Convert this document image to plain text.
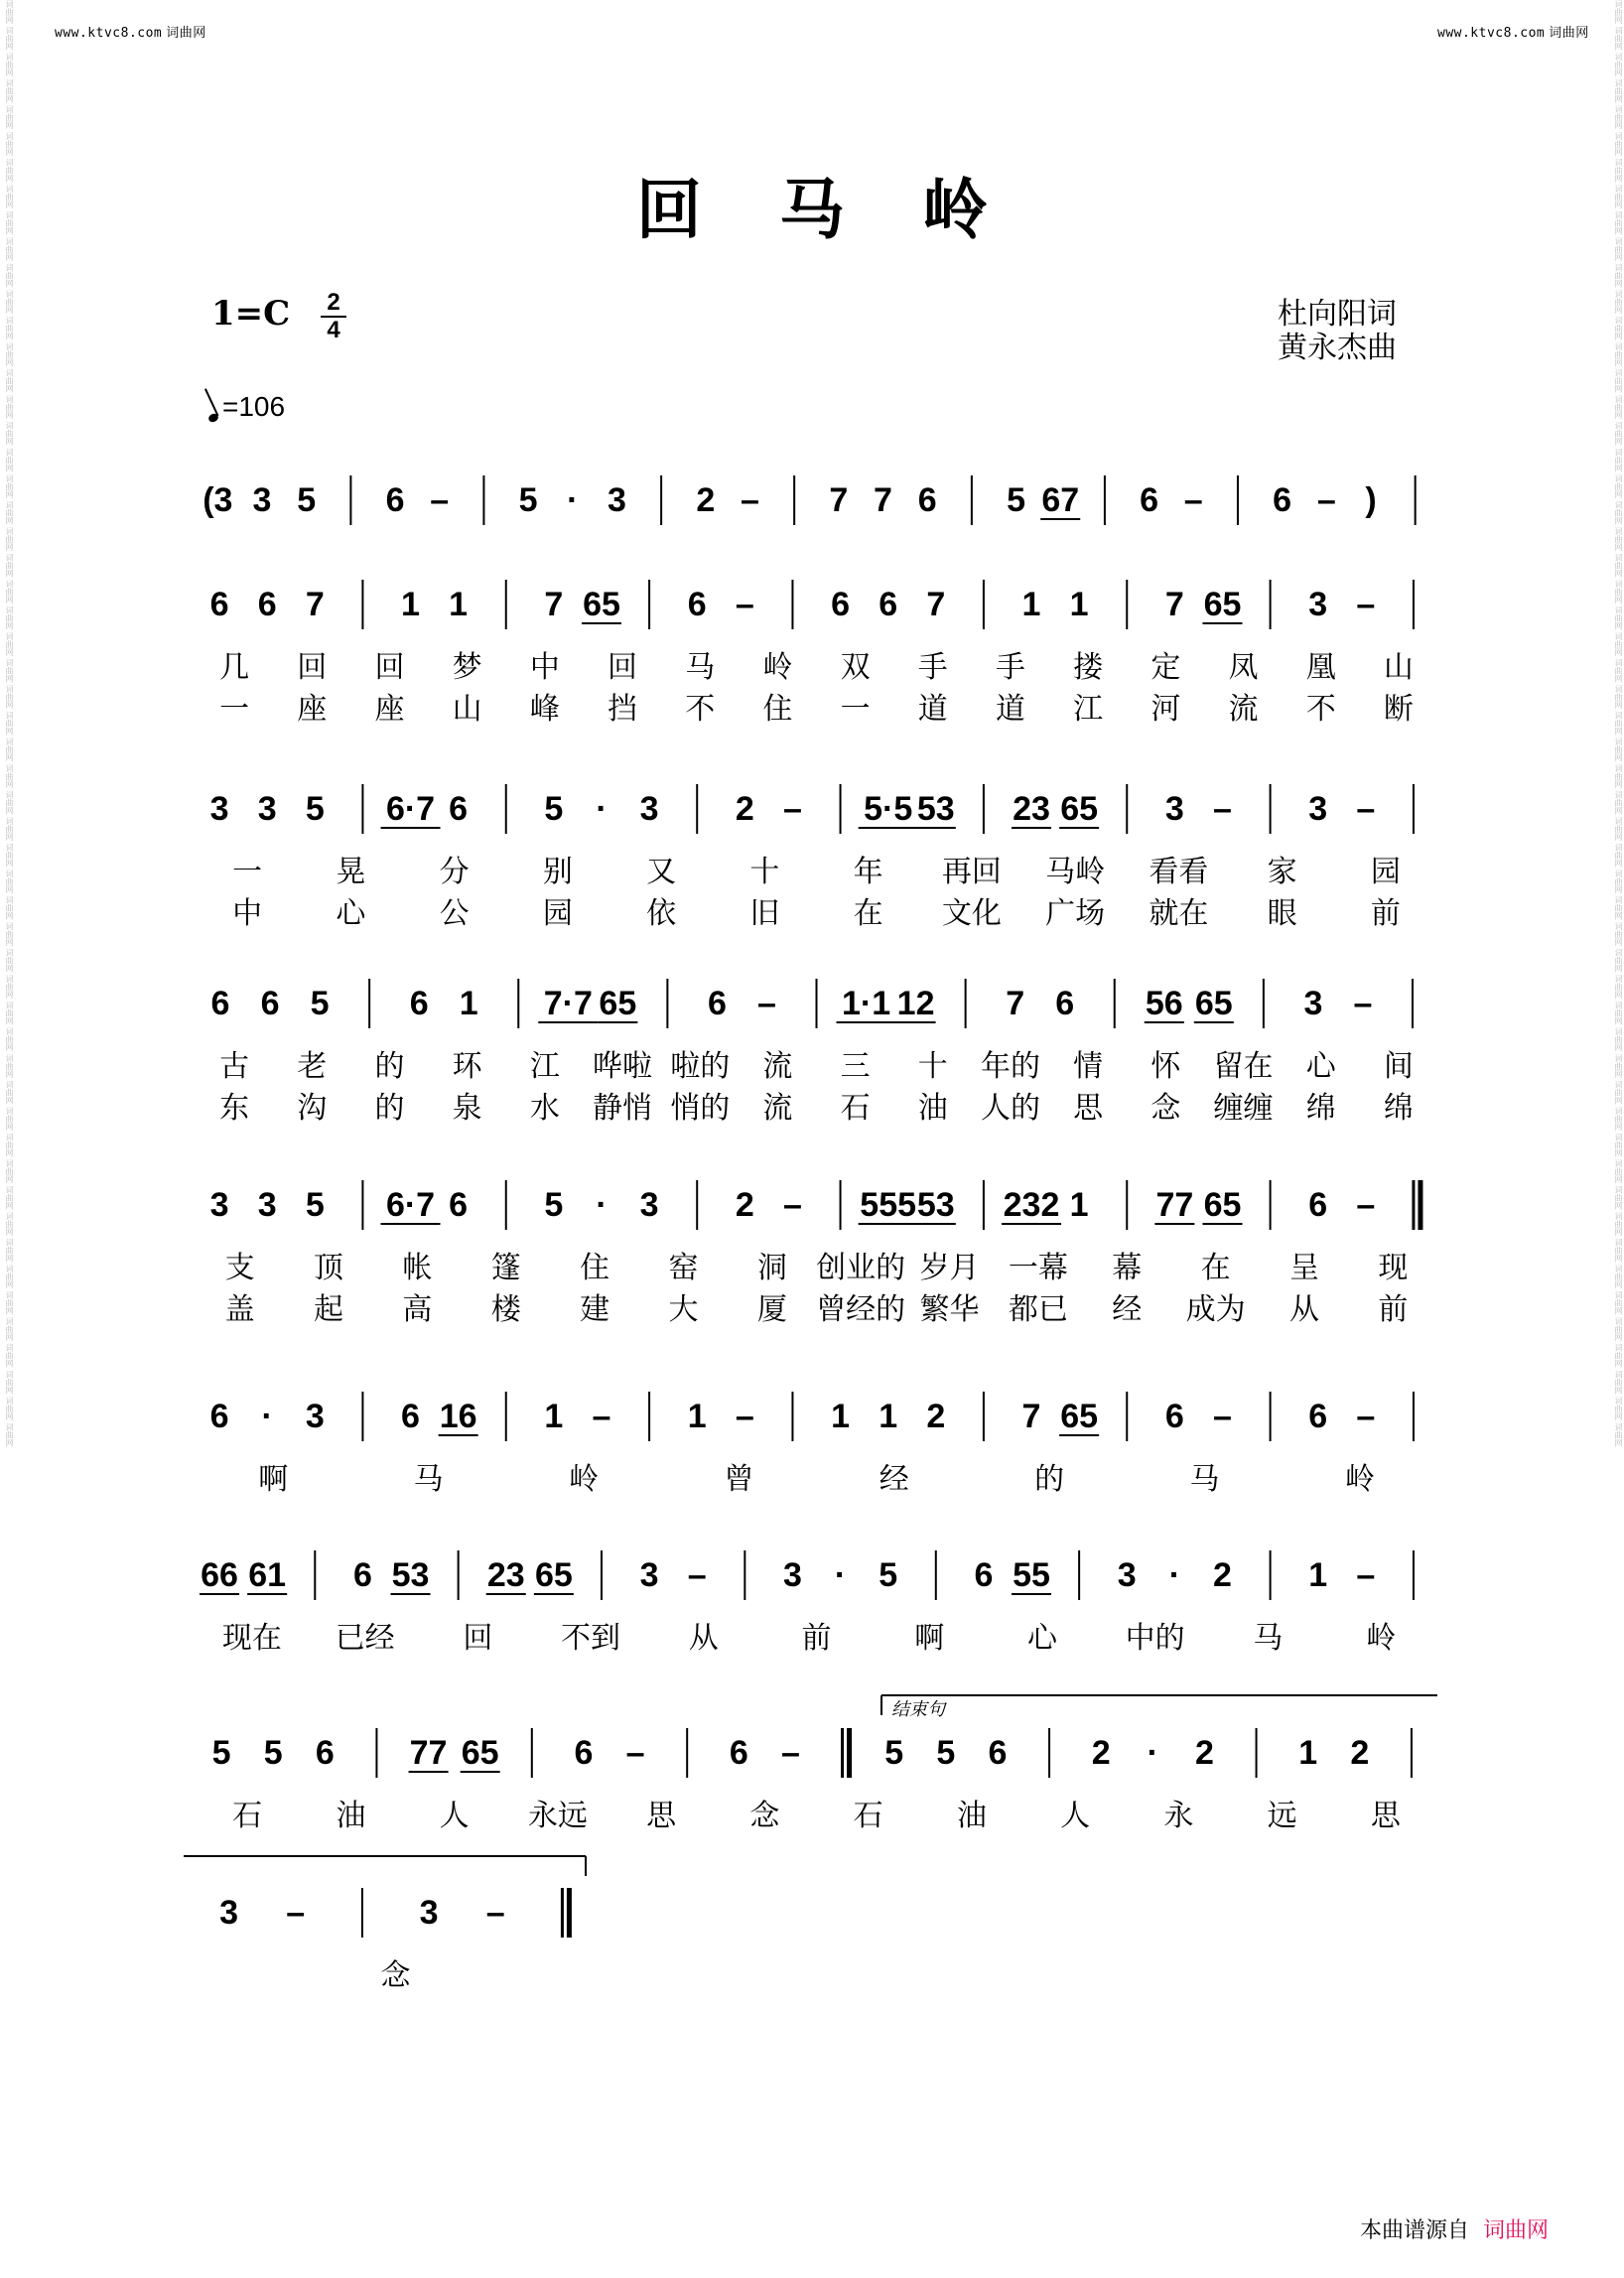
www.ktvc8.com 词曲网	www.ktvc8.com 词曲网
词曲网 词曲网 词曲网 词曲网 词曲网 词曲网 词曲网 词曲网 词曲网 词曲网 词曲网 词曲网 词曲网 词曲网 词曲网 词曲网 词曲网 词曲网 词曲网 词曲网 词曲网 词曲网 词曲网 词曲网 词曲网 词曲网 词曲网 词曲网 词曲网 词曲网 词曲网 词曲网 词曲网 词曲网 词曲网 词曲网 词曲网 词曲网 词曲网 词曲网 词曲网 词曲网 词曲网 词曲网 词曲网 词曲网 词曲网 词曲网 词曲网 词曲网 词曲网 词曲网 词曲网 词曲网 词曲网	词曲网 词曲网 词曲网 词曲网 词曲网 词曲网 词曲网 词曲网 词曲网 词曲网 词曲网 词曲网 词曲网 词曲网 词曲网 词曲网 词曲网 词曲网 词曲网 词曲网 词曲网 词曲网 词曲网 词曲网 词曲网 词曲网 词曲网 词曲网 词曲网 词曲网 词曲网 词曲网 词曲网 词曲网 词曲网 词曲网 词曲网 词曲网 词曲网 词曲网 词曲网 词曲网 词曲网 词曲网 词曲网 词曲网 词曲网 词曲网 词曲网 词曲网 词曲网 词曲网 词曲网 词曲网 词曲网
回马岭
1=C 2
4
=106
杜向阳词
黄永杰曲
结束句
(3 3 5 6 – 5 · 3 2 – 7 7 6 5 67 6 – 6 – )
6 6 7 1 1 7 65 6 – 6 6 7 1 1 7 65 3 –
几 回 回 梦 中 回 马 岭 双 手 手 搂 定 凤 凰 山
一 座 座 山 峰 挡 不 住 一 道 道 江 河 流 不 断
3 3 5 6·7 6 5 · 3 2 – 5·5 53 23 65 3 – 3 –
一 晃 分 别 又 十 年 再回 马岭 看看 家 园
中 心 公 园 依 旧 在 文化 广场 就在 眼 前
6 6 5 6 1 7·7 65 6 – 1·1 12 7 6 56 65 3 –
古 老 的 环 江 哗啦 啦的 流 三 十 年的 情 怀 留在 心 间
东 沟 的 泉 水 静悄 悄的 流 石 油 人的 思 念 缠缠 绵 绵
3 3 5 6·7 6 5 · 3 2 – 555 53 232 1 77 65 6 –
支 顶 帐 篷 住 窑 洞 创业的 岁月 一幕 幕 在 呈 现
盖 起 高 楼 建 大 厦 曾经的 繁华 都已 经 成为 从 前
6 · 3 6 16 1 – 1 – 1 1 2 7 65 6 – 6 –
啊	马	岭	曾	经	的	马	岭
66 61 6 53 23 65 3 – 3 · 5 6 55 3 · 2 1 –
现在 已经 回 不到 从	前	啊	心 中的 马	岭
5 5 6 77 65 6 –	6 –	5 5 6	2 · 2	1 2
石 油 人 永远 思 念 石 油 人 永 远 思
3 –	3 –
念
本曲谱源自 词曲网
